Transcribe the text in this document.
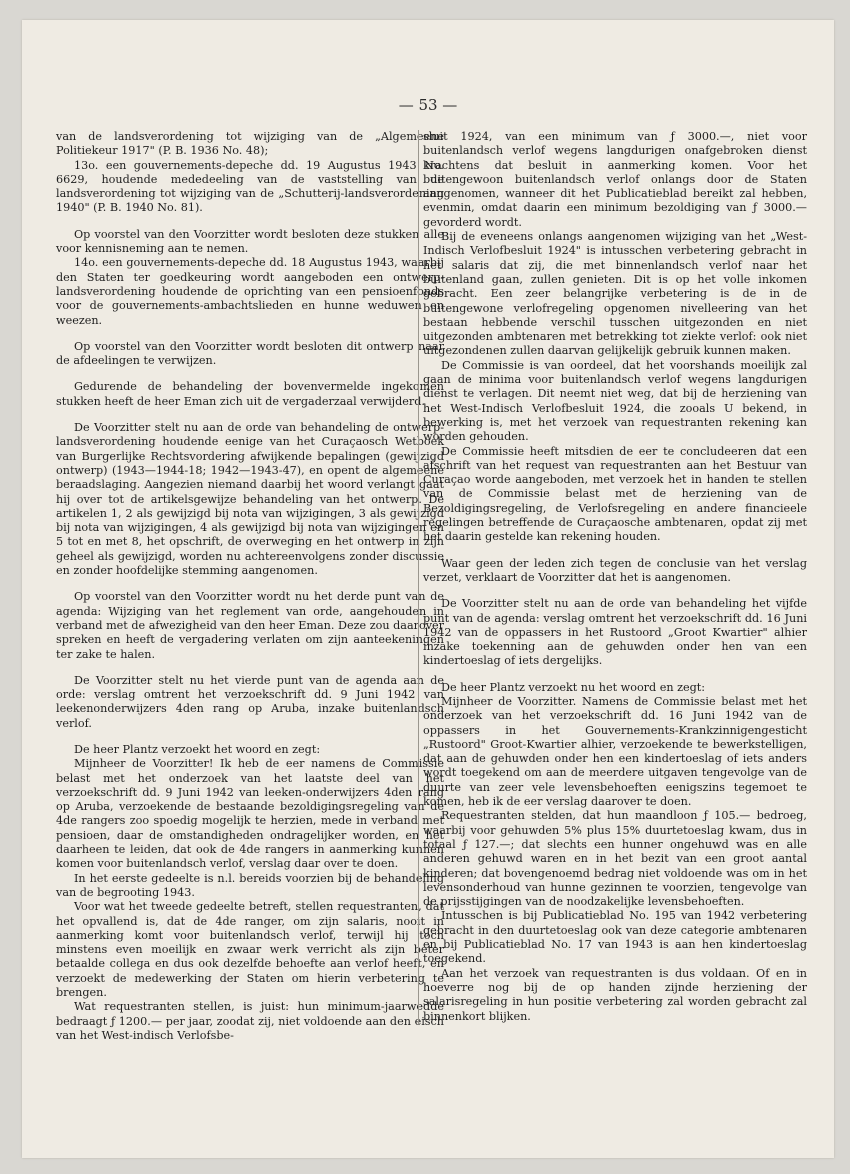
— 53 —

van de landsverordening tot wijziging van de „Algemeene Politiekeur 1917" (P. B. 1936 No. 48);

13o. een gouvernements-depeche dd. 19 Augustus 1943 No. 6629, houdende mededeeling van de vaststelling van de landsverordening tot wijziging van de „Schutterij-landsverordening 1940" (P. B. 1940 No. 81).

Op voorstel van den Voorzitter wordt besloten deze stukken alle voor kennisneming aan te nemen.

14o. een gouvernements-depeche dd. 18 Augustus 1943, waarbij den Staten ter goedkeuring wordt aangeboden een ontwerp-landsverordening houdende de oprichting van een pensioenfonds voor de gouvernements-ambachtslieden en hunne weduwen en weezen.

Op voorstel van den Voorzitter wordt besloten dit ontwerp naar de afdeelingen te verwijzen.

Gedurende de behandeling der bovenvermelde ingekomen stukken heeft de heer Eman zich uit de vergaderzaal verwijderd.

De Voorzitter stelt nu aan de orde van behandeling de ontwerp-landsverordening houdende eenige van het Curaçaosch Wetboek van Burgerlijke Rechtsvordering afwijkende bepalingen (gewijzigd ontwerp) (1943—1944-18; 1942—1943-47), en opent de algemeene beraadslaging. Aangezien niemand daarbij het woord verlangt gaat hij over tot de artikelsgewijze behandeling van het ontwerp. De artikelen 1, 2 als gewijzigd bij nota van wijzigingen, 3 als gewijzigd bij nota van wijzigingen, 4 als gewijzigd bij nota van wijzigingen en 5 tot en met 8, het opschrift, de overweging en het ontwerp in zijn geheel als gewijzigd, worden nu achtereenvolgens zonder discussie en zonder hoofdelijke stemming aangenomen.

Op voorstel van den Voorzitter wordt nu het derde punt van de agenda: Wijziging van het reglement van orde, aangehouden in verband met de afwezigheid van den heer Eman. Deze zou daarover spreken en heeft de vergadering verlaten om zijn aanteekeningen ter zake te halen.

De Voorzitter stelt nu het vierde punt van de agenda aan de orde: verslag omtrent het verzoekschrift dd. 9 Juni 1942 van leekenonderwijzers 4den rang op Aruba, inzake buitenlandsch verlof.

De heer Plantz verzoekt het woord en zegt:

Mijnheer de Voorzitter! Ik heb de eer namens de Commissie belast met het onderzoek van het laatste deel van het verzoekschrift dd. 9 Juni 1942 van leeken-onderwijzers 4den rang op Aruba, verzoekende de bestaande bezoldigingsregeling van de 4de rangers zoo spoedig mogelijk te herzien, mede in verband met pensioen, daar de omstandigheden ondragelijker worden, en het daarheen te leiden, dat ook de 4de rangers in aanmerking kunnen komen voor buitenlandsch verlof, verslag daar over te doen.

In het eerste gedeelte is n.l. bereids voorzien bij de behandeling van de begrooting 1943.

Voor wat het tweede gedeelte betreft, stellen requestranten, dat het opvallend is, dat de 4de ranger, om zijn salaris, nooit in aanmerking komt voor buitenlandsch verlof, terwijl hij toch minstens even moeilijk en zwaar werk verricht als zijn beter betaalde collega en dus ook dezelfde behoefte aan verlof heeft, en verzoekt de medewerking der Staten om hierin verbetering te brengen.

Wat requestranten stellen, is juist: hun minimum-jaarwedde bedraagt ƒ 1200.— per jaar, zoodat zij, niet voldoende aan den eisch van het West-indisch Verlofsbe-

sluit 1924, van een minimum van ƒ 3000.—, niet voor buitenlandsch verlof wegens langdurigen onafgebroken dienst krachtens dat besluit in aanmerking komen. Voor het buitengewoon buitenlandsch verlof onlangs door de Staten aangenomen, wanneer dit het Publicatieblad bereikt zal hebben, evenmin, omdat daarin een minimum bezoldiging van ƒ 3000.— gevorderd wordt.

Bij de eveneens onlangs aangenomen wijziging van het „West-Indisch Verlofbesluit 1924" is intusschen verbetering gebracht in het salaris dat zij, die met binnenlandsch verlof naar het buitenland gaan, zullen genieten. Dit is op het volle inkomen gebracht. Een zeer belangrijke verbetering is de in de buitengewone verlofregeling opgenomen nivelleering van het bestaan hebbende verschil tusschen uitgezonden en niet uitgezonden ambtenaren met betrekking tot ziekte verlof: ook niet uitgezondenen zullen daarvan gelijkelijk gebruik kunnen maken.

De Commissie is van oordeel, dat het voorshands moeilijk zal gaan de minima voor buitenlandsch verlof wegens langdurigen dienst te verlagen. Dit neemt niet weg, dat bij de herziening van het West-Indisch Verlofbesluit 1924, die zooals U bekend, in bewerking is, met het verzoek van requestranten rekening kan worden gehouden.

De Commissie heeft mitsdien de eer te concludeeren dat een afschrift van het request van requestranten aan het Bestuur van Curaçao worde aangeboden, met verzoek het in handen te stellen van de Commissie belast met de herziening van de Bezoldigingsregeling, de Verlofsregeling en andere financieele regelingen betreffende de Curaçaosche ambtenaren, opdat zij met het daarin gestelde kan rekening houden.

Waar geen der leden zich tegen de conclusie van het verslag verzet, verklaart de Voorzitter dat het is aangenomen.

De Voorzitter stelt nu aan de orde van behandeling het vijfde punt van de agenda: verslag omtrent het verzoekschrift dd. 16 Juni 1942 van de oppassers in het Rustoord „Groot Kwartier" alhier inzake toekenning aan de gehuwden onder hen van een kindertoeslag of iets dergelijks.

De heer Plantz verzoekt nu het woord en zegt:

Mijnheer de Voorzitter. Namens de Commissie belast met het onderzoek van het verzoekschrift dd. 16 Juni 1942 van de oppassers in het Gouvernements-Krankzinnigengesticht „Rustoord" Groot-Kwartier alhier, verzoekende te bewerkstelligen, dat aan de gehuwden onder hen een kindertoeslag of iets anders wordt toegekend om aan de meerdere uitgaven tengevolge van de duurte van zeer vele levensbehoeften eenigszins tegemoet te komen, heb ik de eer verslag daarover te doen.

Requestranten stelden, dat hun maandloon ƒ 105.— bedroeg, waarbij voor gehuwden 5% plus 15% duurtetoeslag kwam, dus in totaal ƒ 127.—; dat slechts een hunner ongehuwd was en alle anderen gehuwd waren en in het bezit van een groot aantal kinderen; dat bovengenoemd bedrag niet voldoende was om in het levensonderhoud van hunne gezinnen te voorzien, tengevolge van de prijsstijgingen van de noodzakelijke levensbehoeften.

Intusschen is bij Publicatieblad No. 195 van 1942 verbetering gebracht in den duurtetoeslag ook van deze categorie ambtenaren en bij Publicatieblad No. 17 van 1943 is aan hen kindertoeslag toegekend.

Aan het verzoek van requestranten is dus voldaan. Of en in hoeverre nog bij de op handen zijnde herziening der salarisregeling in hun positie verbetering zal worden gebracht zal binnenkort blijken.
